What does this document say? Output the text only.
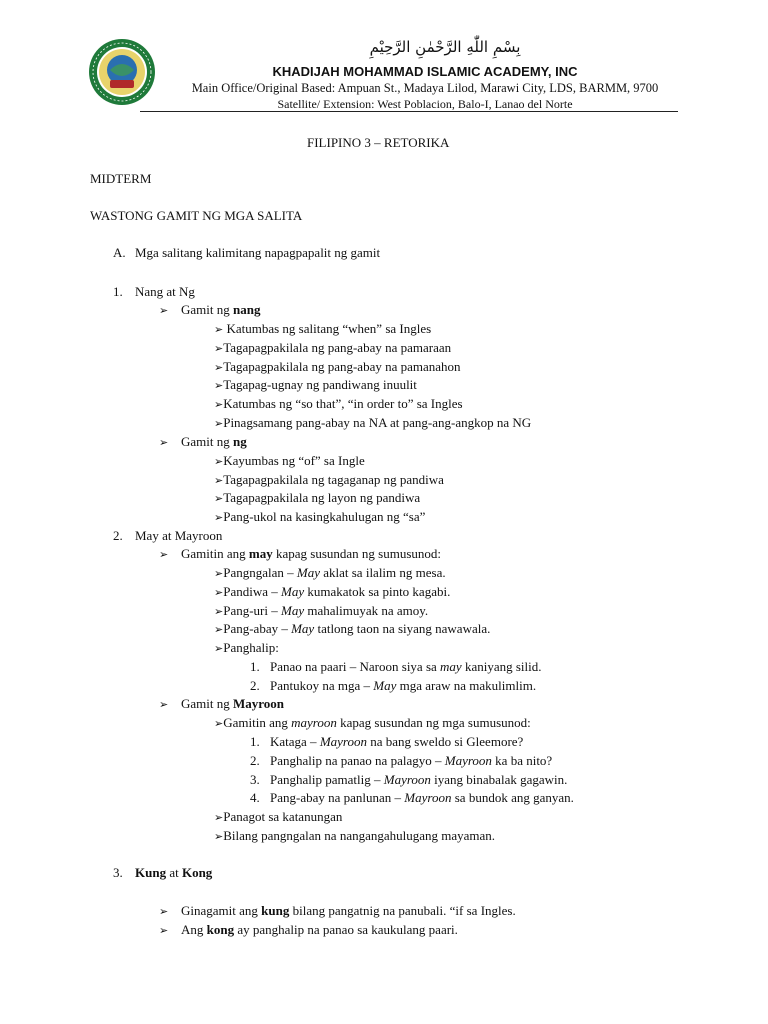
بِسْمِ اللّٰهِ الرَّحْمٰنِ الرَّحِيْمِ
KHADIJAH MOHAMMAD ISLAMIC ACADEMY, INC
Main Office/Original Based: Ampuan St., Madaya Lilod, Marawi City, LDS, BARMM, 9700
Satellite/ Extension: West Poblacion, Balo-I, Lanao del Norte
FILIPINO 3 – RETORIKA
MIDTERM
WASTONG GAMIT NG MGA SALITA
A. Mga salitang kalimitang napagpapalit ng gamit
1. Nang at Ng
➢ Gamit ng nang
➢ Katumbas ng salitang “when” sa Ingles
➢Tagapagpakilala ng pang-abay na pamaraan
➢Tagapagpakilala ng pang-abay na pamanahon
➢Tagapag-ugnay ng pandiwang inuulit
➢Katumbas ng “so that”, “in order to” sa Ingles
➢Pinagsamang pang-abay na NA at pang-ang-angkop na NG
➢ Gamit ng ng
➢Kayumbas ng “of” sa Ingle
➢Tagapagpakilala ng tagaganap ng pandiwa
➢Tagapagpakilala ng layon ng pandiwa
➢Pang-ukol na kasingkahulugan ng “sa”
2. May at Mayroon
➢ Gamitin ang may kapag susundan ng sumusunod:
➢Pangngalan – May aklat sa ilalim ng mesa.
➢Pandiwa – May kumakatok sa pinto kagabi.
➢Pang-uri – May mahalimuyak na amoy.
➢Pang-abay – May tatlong taon na siyang nawawala.
➢Panghalip:
1. Panao na paari – Naroon siya sa may kaniyang silid.
2. Pantukoy na mga – May mga araw na makulimlim.
➢ Gamit ng Mayroon
➢Gamitin ang mayroon kapag susundan ng mga sumusunod:
1. Kataga – Mayroon na bang sweldo si Gleemore?
2. Panghalip na panao na palagyo – Mayroon ka ba nito?
3. Panghalip pamatlig – Mayroon iyang binabalak gagawin.
4. Pang-abay na panlunan – Mayroon sa bundok ang ganyan.
➢Panagot sa katanungan
➢Bilang pangngalan na nangangahulugang mayaman.
3. Kung at Kong
➢ Ginagamit ang kung bilang pangatnig na panubali. “if sa Ingles.
➢ Ang kong ay panghalip na panao sa kaukulang paari.
